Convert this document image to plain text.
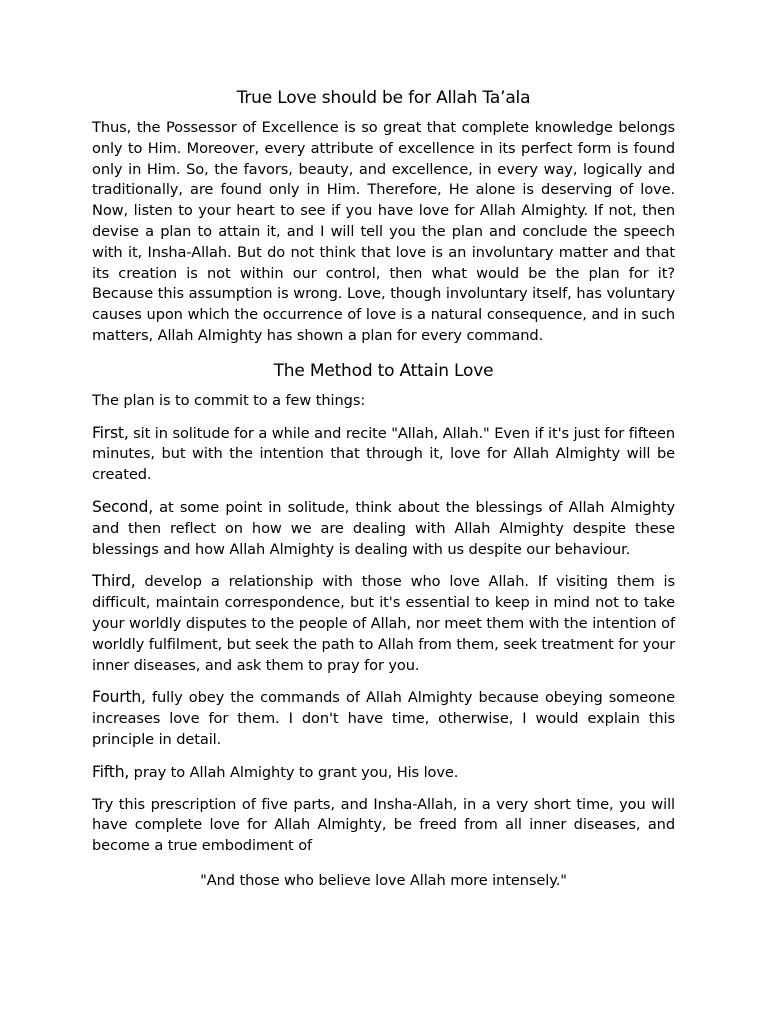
True Love should be for Allah Ta’ala

Thus, the Possessor of Excellence is so great that complete knowledge belongs only to Him. Moreover, every attribute of excellence in its perfect form is found only in Him. So, the favors, beauty, and excellence, in every way, logically and traditionally, are found only in Him. Therefore, He alone is deserving of love. Now, listen to your heart to see if you have love for Allah Almighty. If not, then devise a plan to attain it, and I will tell you the plan and conclude the speech with it, Insha-Allah. But do not think that love is an involuntary matter and that its creation is not within our control, then what would be the plan for it? Because this assumption is wrong. Love, though involuntary itself, has voluntary causes upon which the occurrence of love is a natural consequence, and in such matters, Allah Almighty has shown a plan for every command.

The Method to Attain Love

The plan is to commit to a few things:

First, sit in solitude for a while and recite "Allah, Allah." Even if it's just for fifteen minutes, but with the intention that through it, love for Allah Almighty will be created.

Second, at some point in solitude, think about the blessings of Allah Almighty and then reflect on how we are dealing with Allah Almighty despite these blessings and how Allah Almighty is dealing with us despite our behaviour.

Third, develop a relationship with those who love Allah. If visiting them is difficult, maintain correspondence, but it's essential to keep in mind not to take your worldly disputes to the people of Allah, nor meet them with the intention of worldly fulfilment, but seek the path to Allah from them, seek treatment for your inner diseases, and ask them to pray for you.

Fourth, fully obey the commands of Allah Almighty because obeying someone increases love for them. I don't have time, otherwise, I would explain this principle in detail.

Fifth, pray to Allah Almighty to grant you, His love.

Try this prescription of five parts, and Insha-Allah, in a very short time, you will have complete love for Allah Almighty, be freed from all inner diseases, and become a true embodiment of

"And those who believe love Allah more intensely."
